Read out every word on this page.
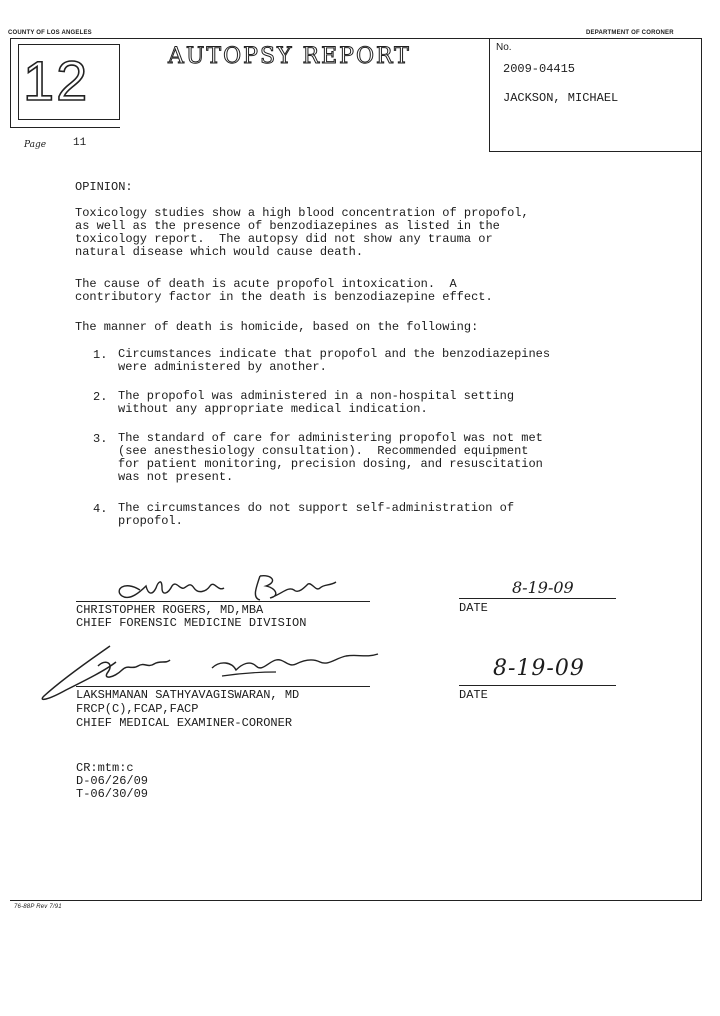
COUNTY OF LOS ANGELES	DEPARTMENT OF CORONER
12	AUTOPSY REPORT	No.
2009-04415
JACKSON, MICHAEL
Page 11
OPINION:
Toxicology studies show a high blood concentration of propofol,
as well as the presence of benzodiazepines as listed in the
toxicology report.  The autopsy did not show any trauma or
natural disease which would cause death.
The cause of death is acute propofol intoxication.  A
contributory factor in the death is benzodiazepine effect.
The manner of death is homicide, based on the following:
1. Circumstances indicate that propofol and the benzodiazepines
were administered by another.
2. The propofol was administered in a non-hospital setting
without any appropriate medical indication.
3. The standard of care for administering propofol was not met
(see anesthesiology consultation).  Recommended equipment
for patient monitoring, precision dosing, and resuscitation
was not present.
4. The circumstances do not support self-administration of
propofol.
8-19-09
CHRISTOPHER ROGERS, MD,MBA
CHIEF FORENSIC MEDICINE DIVISION
DATE
8-19-09
LAKSHMANAN SATHYAVAGISWARAN, MD
FRCP(C),FCAP,FACP
CHIEF MEDICAL EXAMINER-CORONER
DATE
CR:mtm:c
D-06/26/09
T-06/30/09
76-88P Rev 7/91
